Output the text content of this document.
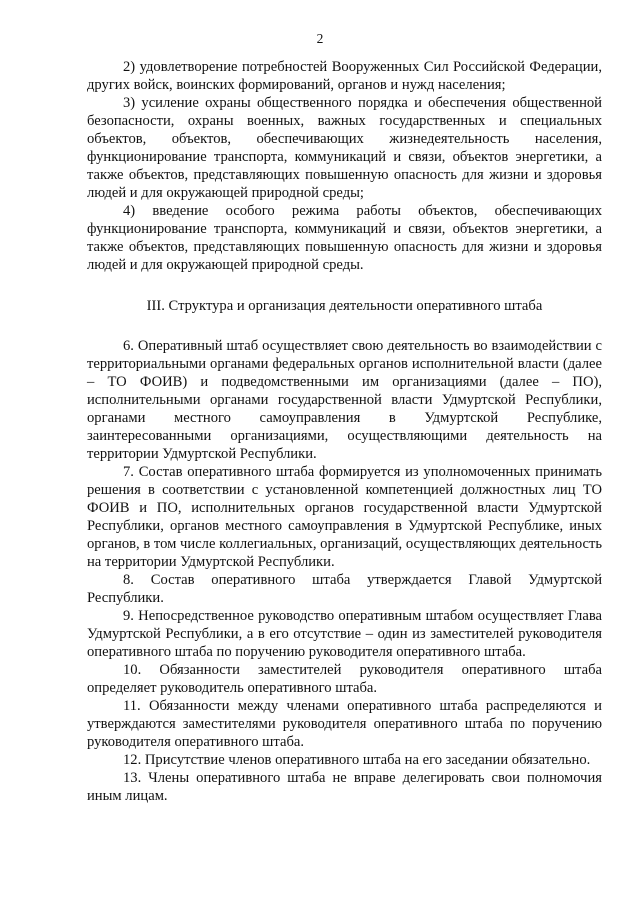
2

2) удовлетворение потребностей Вооруженных Сил Российской Федерации, других войск, воинских формирований, органов и нужд населения;

3) усиление охраны общественного порядка и обеспечения общественной безопасности, охраны военных, важных государственных и специальных объектов, объектов, обеспечивающих жизнедеятельность населения, функционирование транспорта, коммуникаций и связи, объектов энергетики, а также объектов, представляющих повышенную опасность для жизни и здоровья людей и для окружающей природной среды;

4) введение особого режима работы объектов, обеспечивающих функционирование транспорта, коммуникаций и связи, объектов энергетики, а также объектов, представляющих повышенную опасность для жизни и здоровья людей и для окружающей природной среды.

III. Структура и организация деятельности оперативного штаба

6. Оперативный штаб осуществляет свою деятельность во взаимодействии с территориальными органами федеральных органов исполнительной власти (далее – ТО ФОИВ) и подведомственными им организациями (далее – ПО), исполнительными органами государственной власти Удмуртской Республики, органами местного самоуправления в Удмуртской Республике, заинтересованными организациями, осуществляющими деятельность на территории Удмуртской Республики.

7. Состав оперативного штаба формируется из уполномоченных принимать решения в соответствии с установленной компетенцией должностных лиц ТО ФОИВ и ПО, исполнительных органов государственной власти Удмуртской Республики, органов местного самоуправления в Удмуртской Республике, иных органов, в том числе коллегиальных, организаций, осуществляющих деятельность на территории Удмуртской Республики.

8. Состав оперативного штаба утверждается Главой Удмуртской Республики.

9. Непосредственное руководство оперативным штабом осуществляет Глава Удмуртской Республики, а в его отсутствие – один из заместителей руководителя оперативного штаба по поручению руководителя оперативного штаба.

10. Обязанности заместителей руководителя оперативного штаба определяет руководитель оперативного штаба.

11. Обязанности между членами оперативного штаба распределяются и утверждаются заместителями руководителя оперативного штаба по поручению руководителя оперативного штаба.

12. Присутствие членов оперативного штаба на его заседании обязательно.

13. Члены оперативного штаба не вправе делегировать свои полномочия иным лицам.
